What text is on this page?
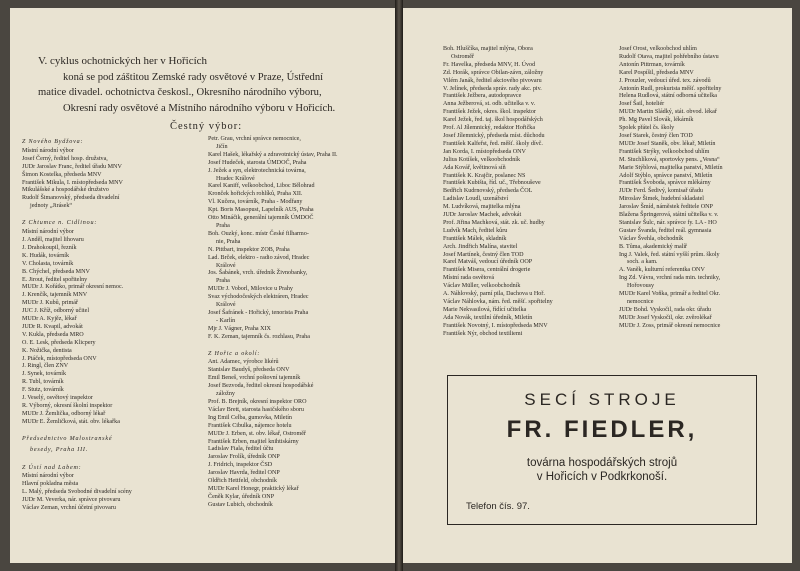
V. cyklus ochotnických her v Hořicích
koná se pod záštitou Zemské rady osvětové v Praze, Ústřední
matice divadel. ochotnictva českosl., Okresního národního výboru,
Okresní rady osvětové a Místního národního výboru v Hořicích.
Čestný výbor:
Z Nového Bydžova:
Místní národní výbor
Josef Černý, ředitel hosp. družstva,
JUDr Jaroslav Franc, ředitel úřadu MNV
Šimon Kostelka, předseda MNV
František Mikula, I. místopředseda MNV
Mikulášské a hospodářské družstvo
Rudolf Šimanovský, předseda divadelní
jednoty „Jirásek“
Z Chtumce n. Cidlinou:
Místní národní výbor
J. Anděl, majitel lihovaru
J. Drahokoupil, řezník
K. Hudák, továrník
V. Cholasta, továrník
B. Chýchel, předseda MNV
E. Jirout, ředitel spořitelny
MUDr J. Kořátko, primář okresní nemoc.
J. Krenčík, tajemník MNV
MUDr J. Kubů, primář
JUC J. Kříž, odborný učitel
MUDr A. Kyjěz, lékař
JUDr R. Kvapil, advokát
V. Kukla, předseda MRO
O. E. Lesk, předseda Klicpery
K. Nožička, dentista
J. Ptáček, místopředseda ONV
J. Ringl, člen ZNV
J. Synek, továrník
R. Tubl, továrník
F. Stutz, továrník
J. Veselý, osvětový inspektor
R. Výborný, okresní školní inspektor
MUDr J. Žemlička, odborný lékař
MUDr E. Žemličková, stát. obv. lékařka
Předsednictvo Malostranské
besedy, Praha III.
Z Ústí nad Labem:
Místní národní výbor
Hlavní pokladna města
L. Malý, předseda Svobodné divadelní scény
JUDr M. Veverka, nár. správce pivovaru
Václav Zeman, vrchní účetní pivovaru
Petr. Grau, vrchní správce nemocnice,
Jičín
Karel Hašek, lékařský a zdravotnický ústav, Praha II.
Josef Hudeček, starosta ÚMDOČ, Praha
J. Ježek a syn, elektrotechnická továrna,
Hradec Králové
Karel Kaniff, velkoobchod, Liboc Bělohrad
Kronček hořických rohlíků, Praha XII.
Vl. Kučera, továrník, Praha - Modřany
Kpt. Boris Masopust, Lapelník AUS, Praha
Otto Mináčik, generální tajemník ÚMDOČ
Praha
Boh. Ouzký, konc. místr České filharmo-
nie, Praha
N. Pittbart, inspektor ZOB, Praha
Lad. Brček, elektro - radio závod, Hradec
Králové
Jos. Šabánek, vrch. úředník Živnobanky,
Praha
MUDr J. Voborl, Milovice u Prahy
Svaz východočeských elektráren, Hradec
Králové
Josef Šafránek - Hořický, tenorista Praha
- Karlín
Mjr J. Vágner, Praha XIX
F. K. Zeman, tajemník čs. rozhlasu, Praha
Z Hořic a okolí:
Ant. Adamec, výrobce likérů
Stanislav Baudyš, předseda ONV
Emil Beneš, vrchní poštovní tajemník
Josef Bezvoda, ředitel okresní hospodářské
záložny
Prof. B. Brejník, okresní inspektor ORO
Václav Brett, starosta hasičského sboru
Ing Emil Celba, gumovka, Miletín
František Cibulka, nájemce hotelu
MUDr J. Erben, st. obv. lékař, Ostroměř
František Erben, majitel knihtiskárny
Ladislav Fiala, ředitel účtu
Jaroslav Frolík, úředník ONP
J. Fridrich, inspektor ČSD
Jaroslav Havrda, ředitel ONP
Oldřich Hettfeld, obchodník
MUDr Karel Honegr, praktický lékař
Čeněk Kylar, úředník ONP
Gustav Lubich, obchodník
Boh. Hluščíka, majitel mlýna, Obora
Ostroměř
Fr. Havelka, předseda MNV, H. Úvod
Zd. Horák, správce Obilan-závn, záložny
Vilém Janák, ředitel akciového pivovaru
V. Jelínek, předseda správ. rady akc. piv.
František Ježbera, autodopravce
Anna Ježberová, st. odb. učitelka v. v.
František Ježek, okres. škol. inspektor
Karel Ježek, řed. taj. škol hospodářských
Prof. Al Jílemnický, redaktor Hořička
Josef Jílemnický, předseda míst. důchodu
František Kalfeřst, řed. měšť. školy dívč.
Jan Korda, I. místopředseda ONV
Julius Kotíšek, velkoobchodník
Ada Kovář, květinová síň
František K. Krajčir, poslanec NS
František Kubišta, říd. uč., Třebnouševe
Bedřich Kudrnovský, předseda ČOL
Ladislav Loudl, uzenářství
M. Ludvíková, majitelka mlýna
JUDr Jaroslav Machek, advokát
Prof. Jiřina Machková, stát. zk. uč. hudby
Ludvík Mach, ředitel kůru
František Málek, skladník
Arch. Jindřich Malína, stavitel
Josef Martínek, čestný člen TOD
Karel Matváš, vedoucí úředník OOP
František Misera, centrální drogerie
Místní rada osvětová
Václav Müller, velkoobchodník
A. Náhlovský, parní pila, Dachova u Hoř.
Václav Náhlovka, nám. řed. měšť. spořitelny
Marie Nekvasilová, řídící učitelka
Ada Novák, textilní úředník, Miletín
František Novotný, I. místopředseda MNV
František Nýr, obchod textiliemi
Josef Orost, velkoobchod uhlím
Rudolf Otava, majitel pohřebního ústavu
Antonín Pittrman, továrník
Karel Pospíšil, předseda MNV
J. Prouzler, vedoucí úřed. tex. závodů
Antonín Rudl, prokurista měšť. spořitelny
Helena Rudlová, státní odborná učitelka
Josef Šail, hoteliér
MUDr Martin Sládký, stát. obvod. lékař
Ph. Mg Pavel Slovák, lékárník
Spolek přátel čs. školy
Josef Starek, čestný člen TOD
MUDr Josef Staněk, obv. lékař, Miletín
František Strýky, velkoobchod uhlím
M. Stuchlíková, sportovky pens. „Vesna“
Marie Stýblová, majitelka panství, Miletín
Adolf Stýblo, správce panství, Miletín
František Švoboda, správce mlékárny
JUDr Ferd. Šedivý, komisař úřadu
Miroslav Šimek, hudební skladatel
Jaroslav Šmíd, náměstek ředitele ONP
Blažena Špringerová, státní učitelka v. v.
Stanislav Šulc, nár. správce fy. LA - HO
Gustav Švanda, ředitel reál. gymnasia
Václav Švehla, obchodník
B. Tůma, akademický malíř
Ing J. Valek, řed. státní vyšší prům. školy
soch. a kam.
A. Vaněk, kulturní referentka ONV
Ing Zd. Vávra, vrchní rada min. techniky,
Hořovousy
MUDr Karel Voňka, primář a ředitel Okr.
nemocnice
JUDr Bohd. Vyskočil, rada okr. úřadu
MUDr Josef Vyskočil, okr. zvěrolékař
MUDr J. Zoss, primář okresní nemocnice
SECÍ STROJE
FR. FIEDLER,
továrna hospodářských strojů
v Hořicích v Podkrkonoší.
Telefon čís. 97.
